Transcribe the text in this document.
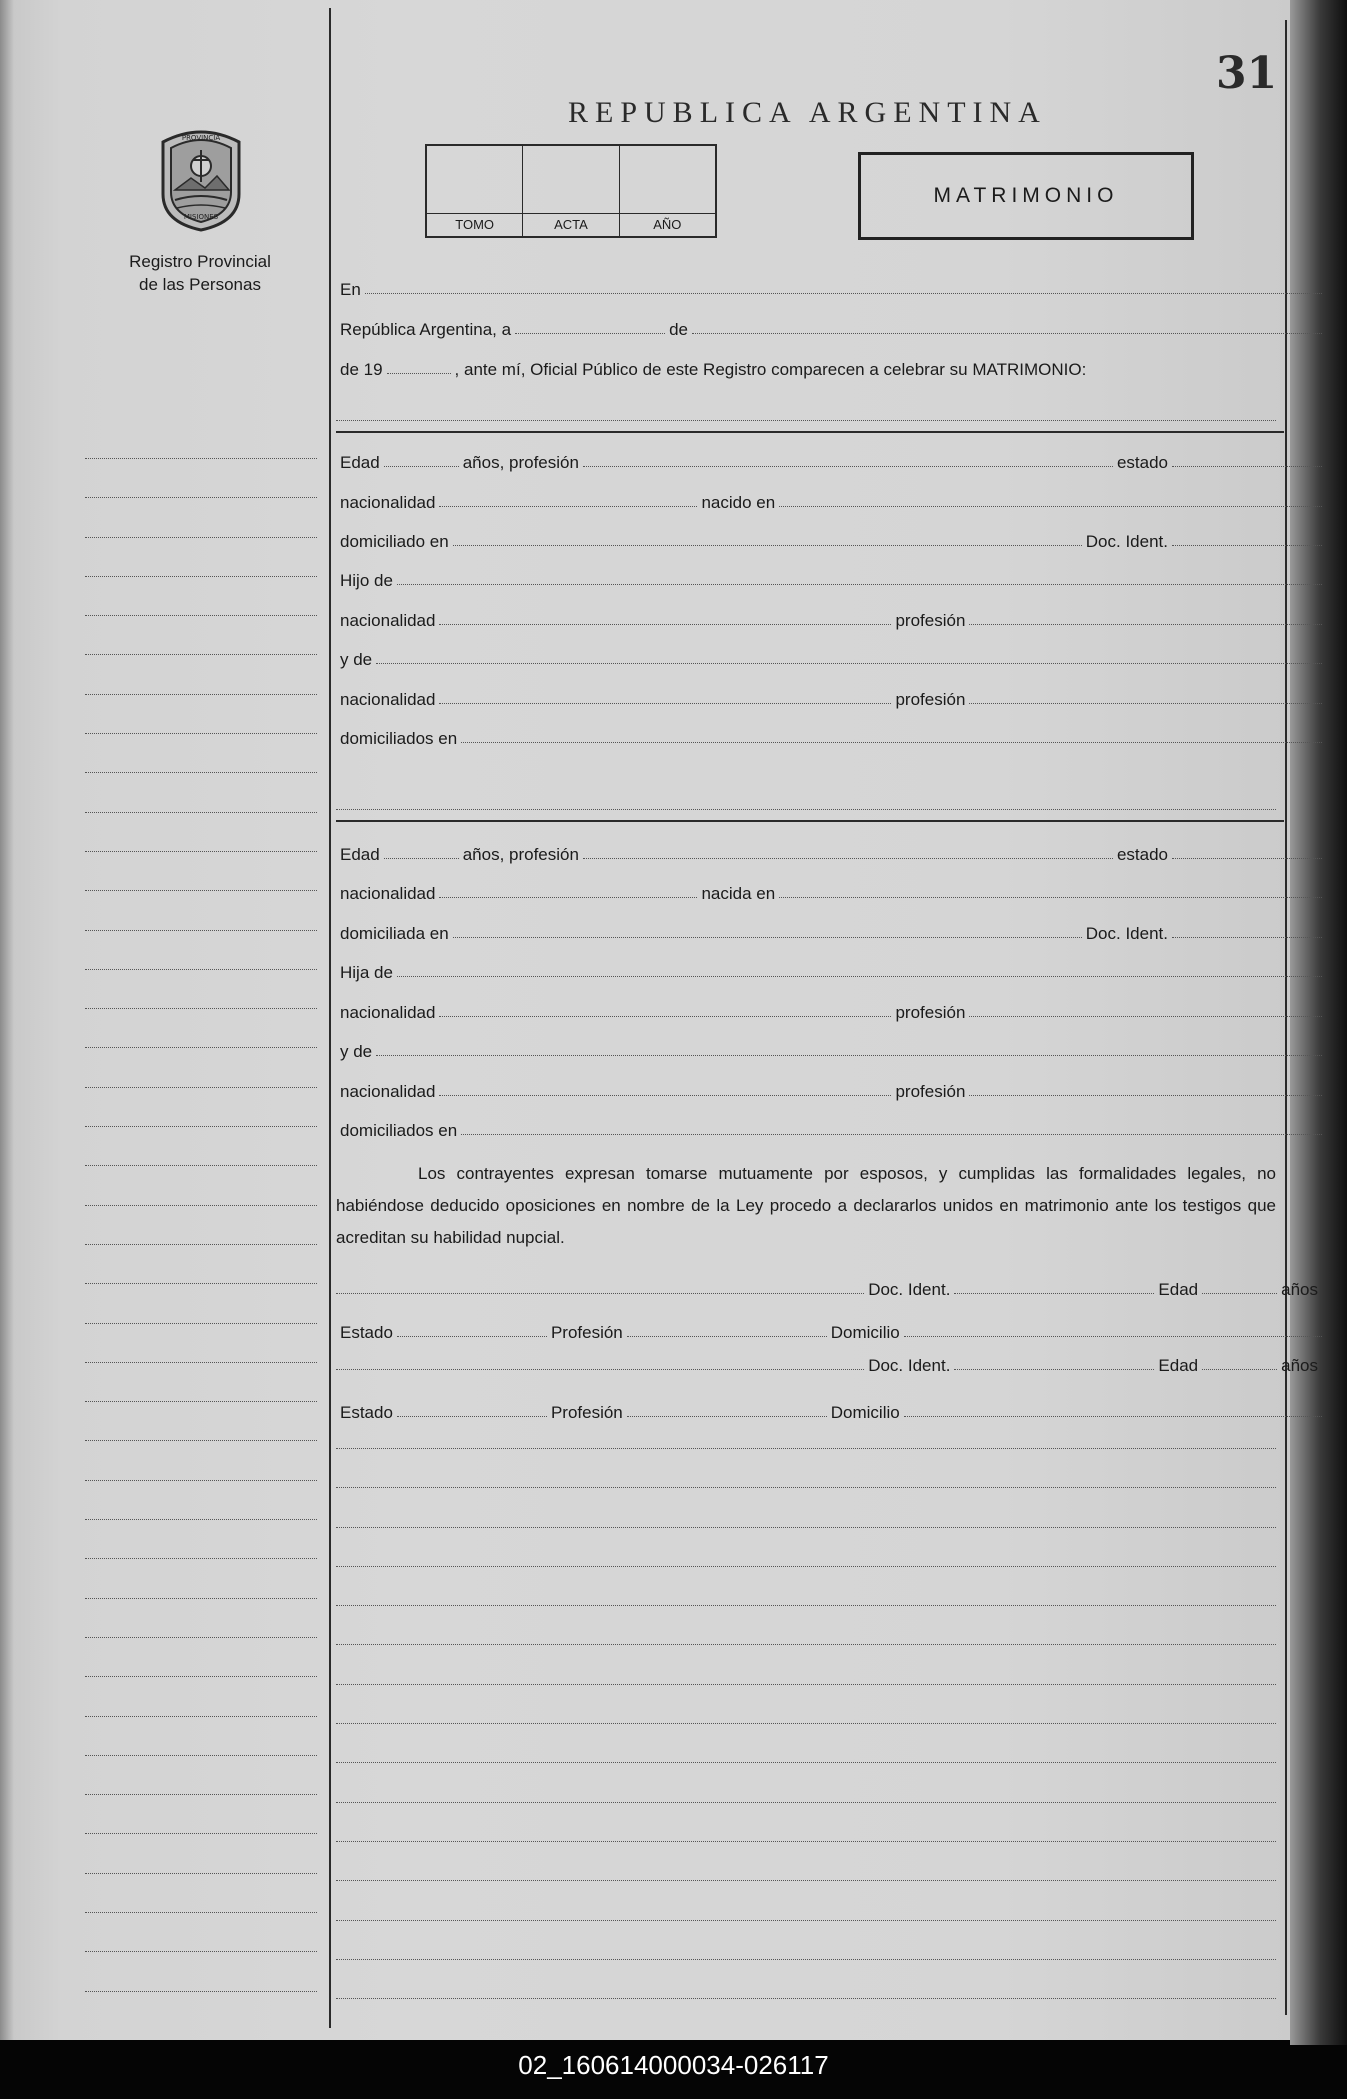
31
REPUBLICA ARGENTINA
TOMO	ACTA	AÑO
MATRIMONIO
PROVINCIA
MISIONES
Registro Provincial
de las Personas	En
República Argentina, a	de
de 19	, ante mí, Oficial Público de este Registro comparecen a celebrar su MATRIMONIO:
Edad	años, profesión	estado
nacionalidad	nacido en
domiciliado en	Doc. Ident.
Hijo de
nacionalidad	profesión
y de
nacionalidad	profesión
domiciliados en
Edad	años, profesión	estado
nacionalidad	nacida en
domiciliada en	Doc. Ident.
Hija de
nacionalidad	profesión
y de
nacionalidad	profesión
domiciliados en
Los contrayentes expresan tomarse mutuamente por esposos, y cumplidas las formalidades legales, no habiéndose deducido oposiciones en nombre de la Ley procedo a declararlos unidos en matrimonio ante los testigos que acreditan su habilidad nupcial.
Doc. Ident.	Edad	años
Estado	Profesión	Domicilio
Doc. Ident.	Edad	años
Estado	Profesión	Domicilio
02_160614000034-026117
